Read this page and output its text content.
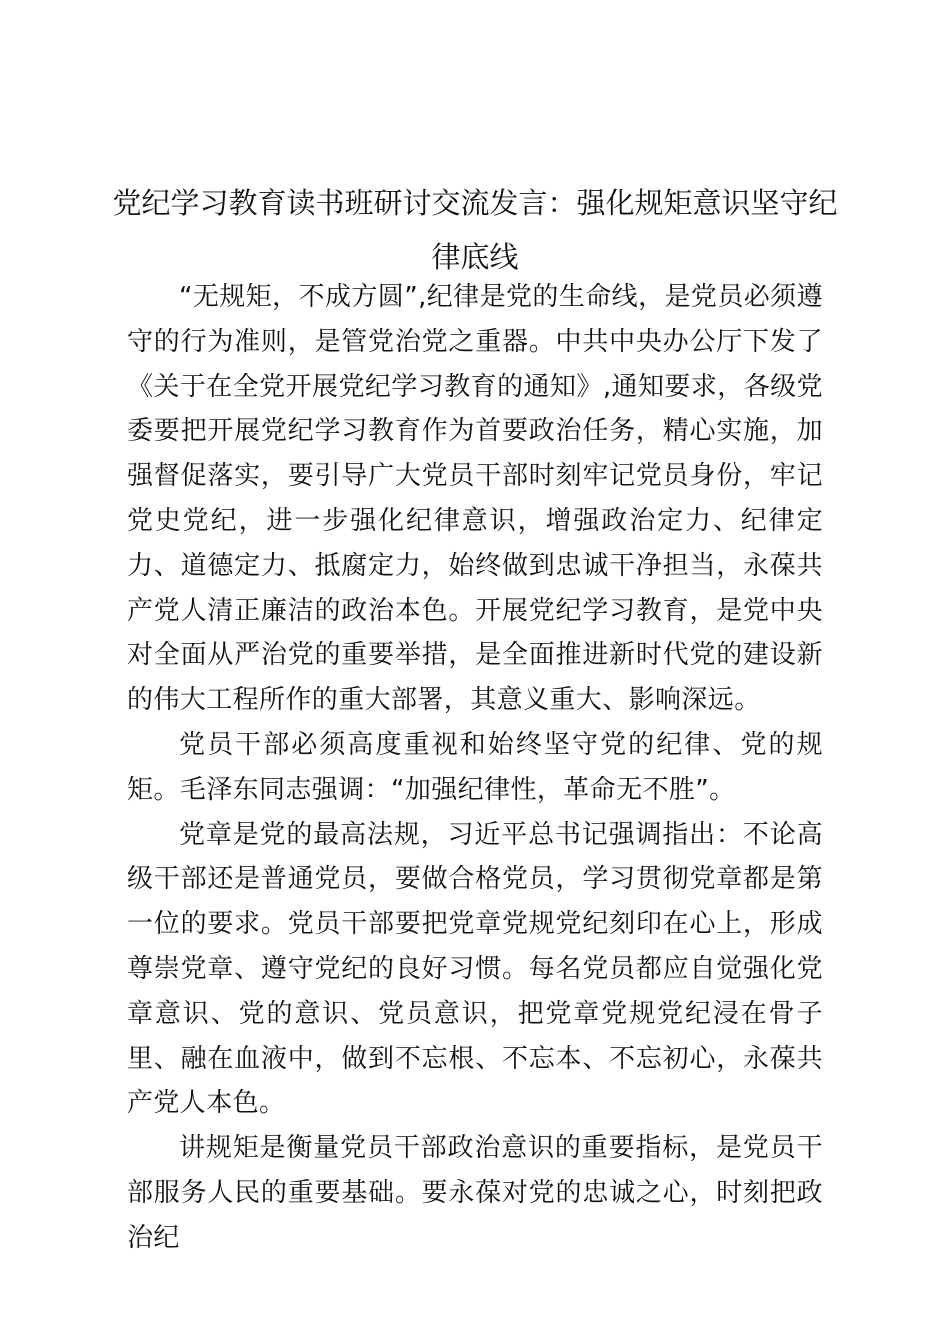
党纪学习教育读书班研讨交流发言：强化规矩意识坚守纪律底线

“无规矩，不成方圆”,纪律是党的生命线，是党员必须遵守的行为准则，是管党治党之重器。中共中央办公厅下发了《关于在全党开展党纪学习教育的通知》,通知要求，各级党委要把开展党纪学习教育作为首要政治任务，精心实施，加强督促落实，要引导广大党员干部时刻牢记党员身份，牢记党史党纪，进一步强化纪律意识，增强政治定力、纪律定力、道德定力、抵腐定力，始终做到忠诚干净担当，永葆共产党人清正廉洁的政治本色。开展党纪学习教育，是党中央对全面从严治党的重要举措，是全面推进新时代党的建设新的伟大工程所作的重大部署，其意义重大、影响深远。

党员干部必须高度重视和始终坚守党的纪律、党的规矩。毛泽东同志强调：“加强纪律性，革命无不胜”。

党章是党的最高法规，习近平总书记强调指出：不论高级干部还是普通党员，要做合格党员，学习贯彻党章都是第一位的要求。党员干部要把党章党规党纪刻印在心上，形成尊崇党章、遵守党纪的良好习惯。每名党员都应自觉强化党章意识、党的意识、党员意识，把党章党规党纪浸在骨子里、融在血液中，做到不忘根、不忘本、不忘初心，永葆共产党人本色。

讲规矩是衡量党员干部政治意识的重要指标，是党员干部服务人民的重要基础。要永葆对党的忠诚之心，时刻把政治纪
